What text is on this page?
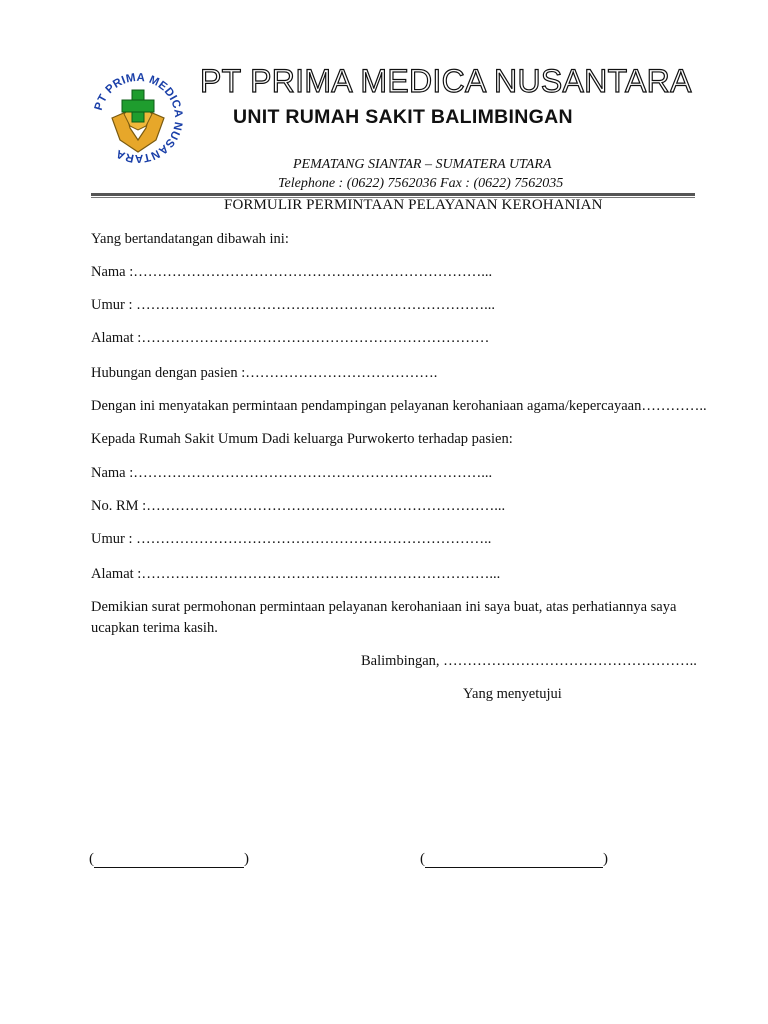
PT PRIMA MEDICA NUSANTARA
PT PRIMA MEDICA NUSANTARA
UNIT RUMAH SAKIT BALIMBINGAN
PEMATANG SIANTAR – SUMATERA UTARA
Telephone : (0622) 7562036 Fax : (0622) 7562035
FORMULIR PERMINTAAN PELAYANAN KEROHANIAN
Yang bertandatangan dibawah ini:
Nama :………………………………………………………………...
Umur : ………………………………………………………………...
Alamat :………………………………………………………………
Hubungan dengan pasien :………………………………….
Dengan ini menyatakan permintaan pendampingan pelayanan kerohaniaan agama/kepercayaan…………..
Kepada Rumah Sakit Umum Dadi keluarga Purwokerto terhadap pasien:
Nama :………………………………………………………………...
No. RM :………………………………………………………………...
Umur : ………………………………………………………………..
Alamat :………………………………………………………………...
Demikian surat permohonan permintaan pelayanan kerohaniaan ini saya buat, atas perhatiannya saya ucapkan terima kasih.
Balimbingan, ……………………………………………..
Yang menyetujui
(	)	(	)
